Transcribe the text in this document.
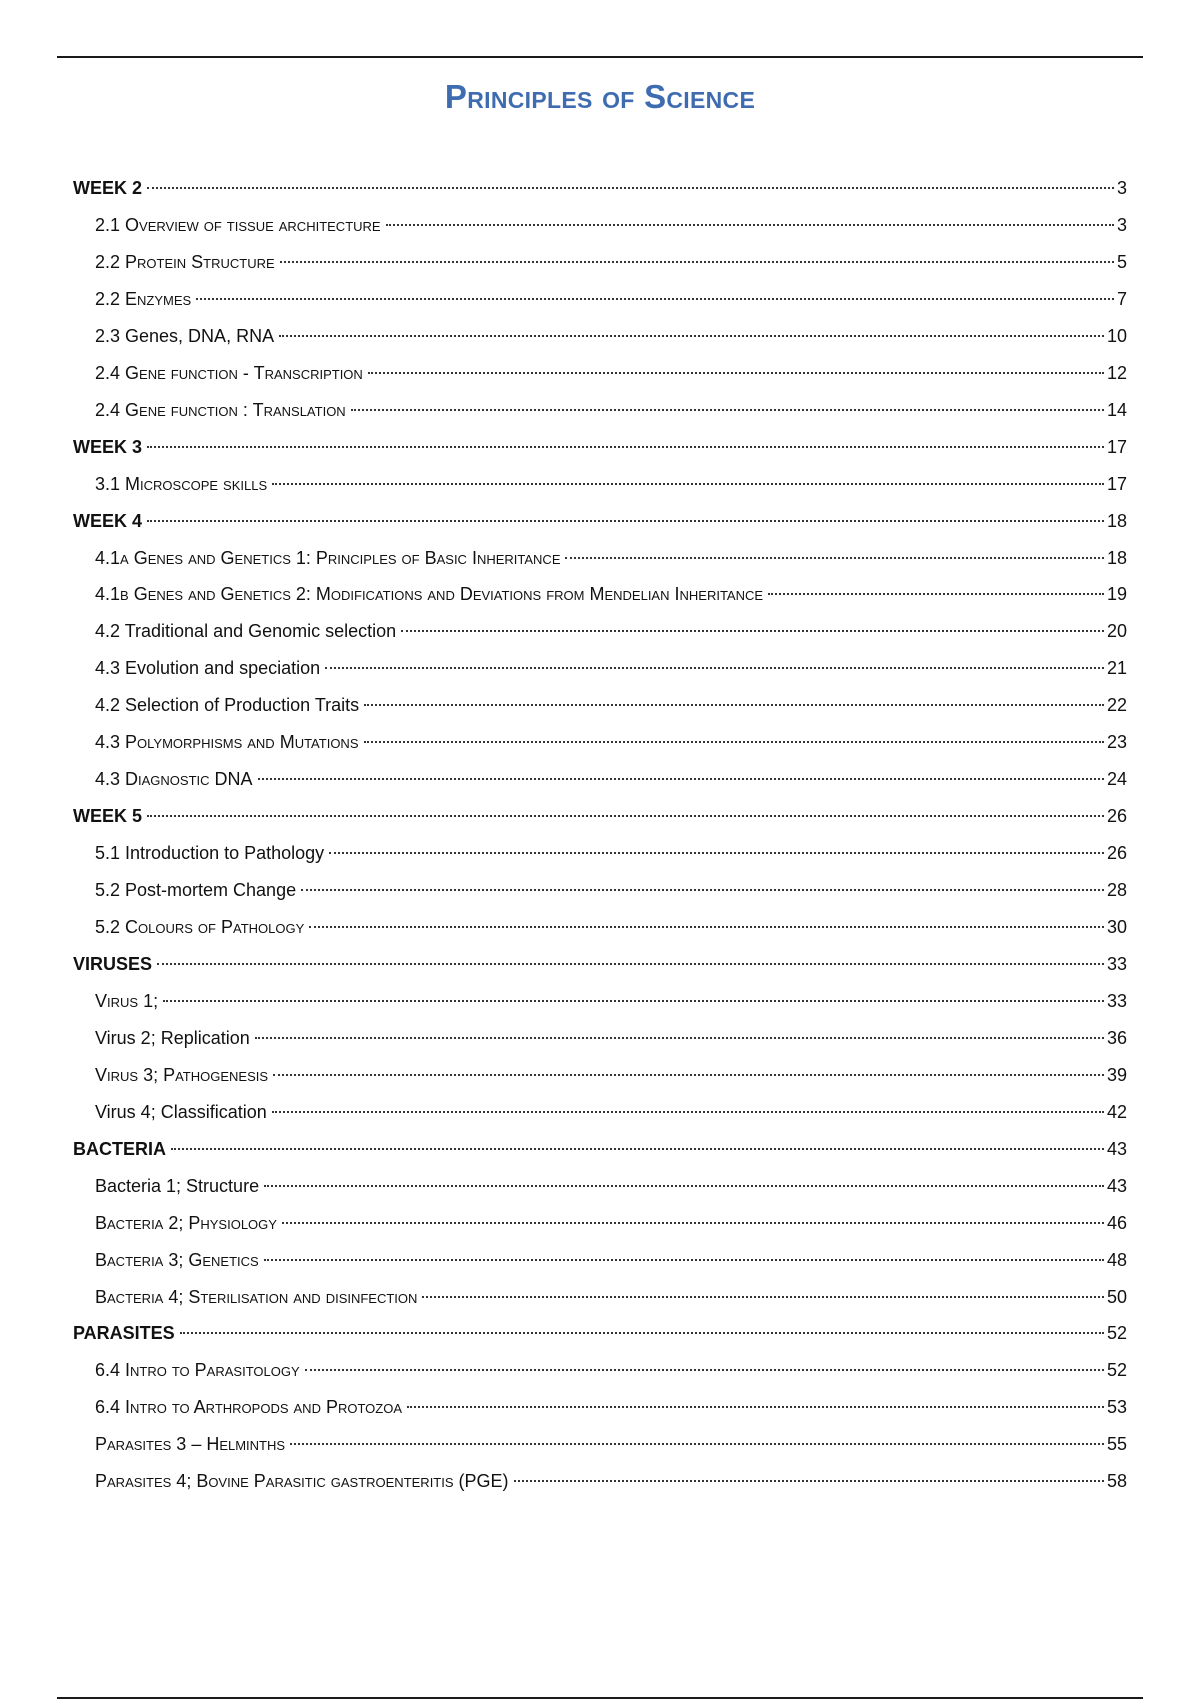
Principles of Science
WEEK 2	3
2.1 Overview of tissue architecture	3
2.2 Protein Structure	5
2.2 Enzymes	7
2.3 Genes, DNA, RNA	10
2.4 Gene function - Transcription	12
2.4 Gene function : Translation	14
WEEK 3	17
3.1 Microscope skills	17
WEEK 4	18
4.1a Genes and Genetics 1: Principles of Basic Inheritance	18
4.1b Genes and Genetics 2: Modifications and Deviations from Mendelian Inheritance	19
4.2 Traditional and Genomic selection	20
4.3 Evolution and speciation	21
4.2 Selection of Production Traits	22
4.3 Polymorphisms and Mutations	23
4.3 Diagnostic DNA	24
WEEK 5	26
5.1 Introduction to Pathology	26
5.2 Post-mortem Change	28
5.2 Colours of Pathology	30
VIRUSES	33
Virus 1;	33
Virus 2; Replication	36
Virus 3; Pathogenesis	39
Virus 4; Classification	42
BACTERIA	43
Bacteria 1; Structure	43
Bacteria 2; Physiology	46
Bacteria 3; Genetics	48
Bacteria 4; Sterilisation and disinfection	50
PARASITES	52
6.4 Intro to Parasitology	52
6.4 Intro to Arthropods and Protozoa	53
Parasites 3 – Helminths	55
Parasites 4; Bovine Parasitic gastroenteritis (PGE)	58
